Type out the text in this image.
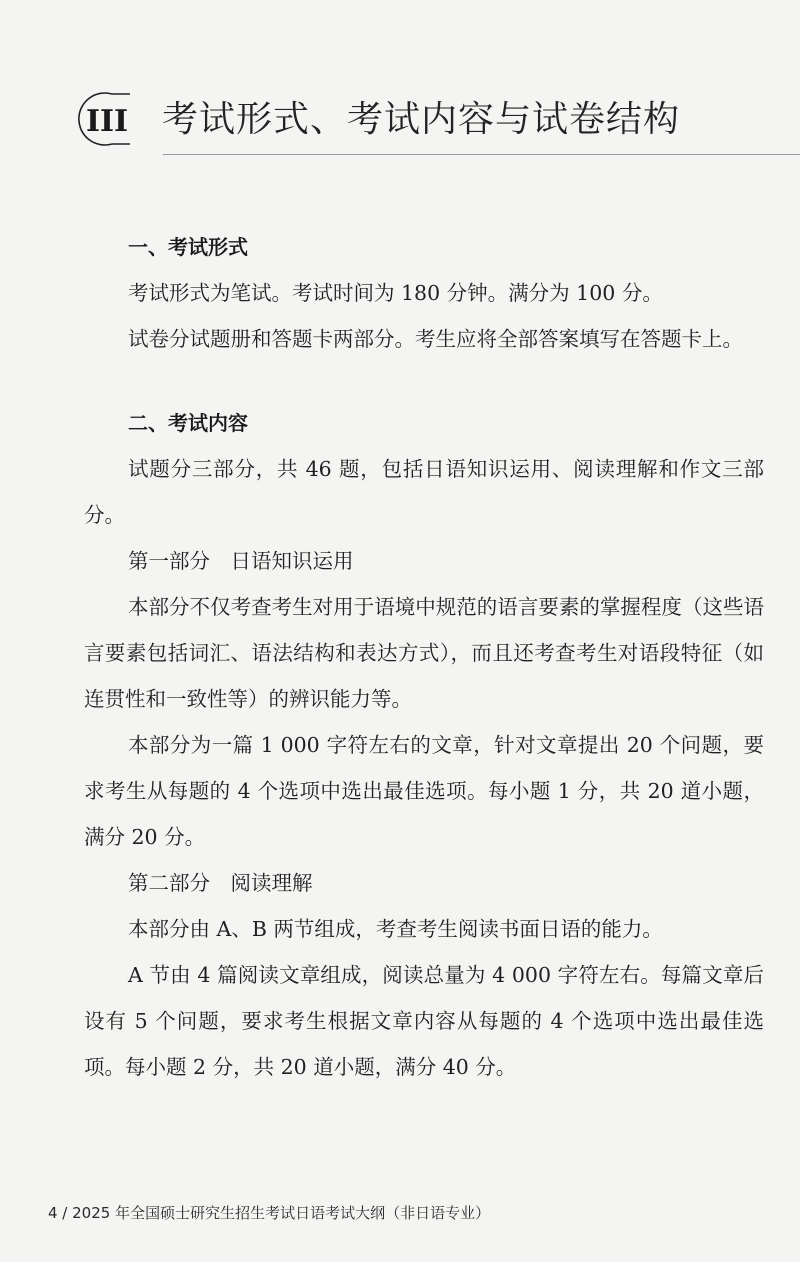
III 考试形式、考试内容与试卷结构
一、考试形式

考试形式为笔试。考试时间为 180 分钟。满分为 100 分。

试卷分试题册和答题卡两部分。考生应将全部答案填写在答题卡上。

二、考试内容

试题分三部分，共 46 题，包括日语知识运用、阅读理解和作文三部分。

第一部分　日语知识运用

本部分不仅考查考生对用于语境中规范的语言要素的掌握程度（这些语言要素包括词汇、语法结构和表达方式），而且还考查考生对语段特征（如连贯性和一致性等）的辨识能力等。

本部分为一篇 1 000 字符左右的文章，针对文章提出 20 个问题，要求考生从每题的 4 个选项中选出最佳选项。每小题 1 分，共 20 道小题，满分 20 分。

第二部分　阅读理解

本部分由 A、B 两节组成，考查考生阅读书面日语的能力。

A 节由 4 篇阅读文章组成，阅读总量为 4 000 字符左右。每篇文章后设有 5 个问题，要求考生根据文章内容从每题的 4 个选项中选出最佳选项。每小题 2 分，共 20 道小题，满分 40 分。

4 / 2025 年全国硕士研究生招生考试日语考试大纲（非日语专业）
